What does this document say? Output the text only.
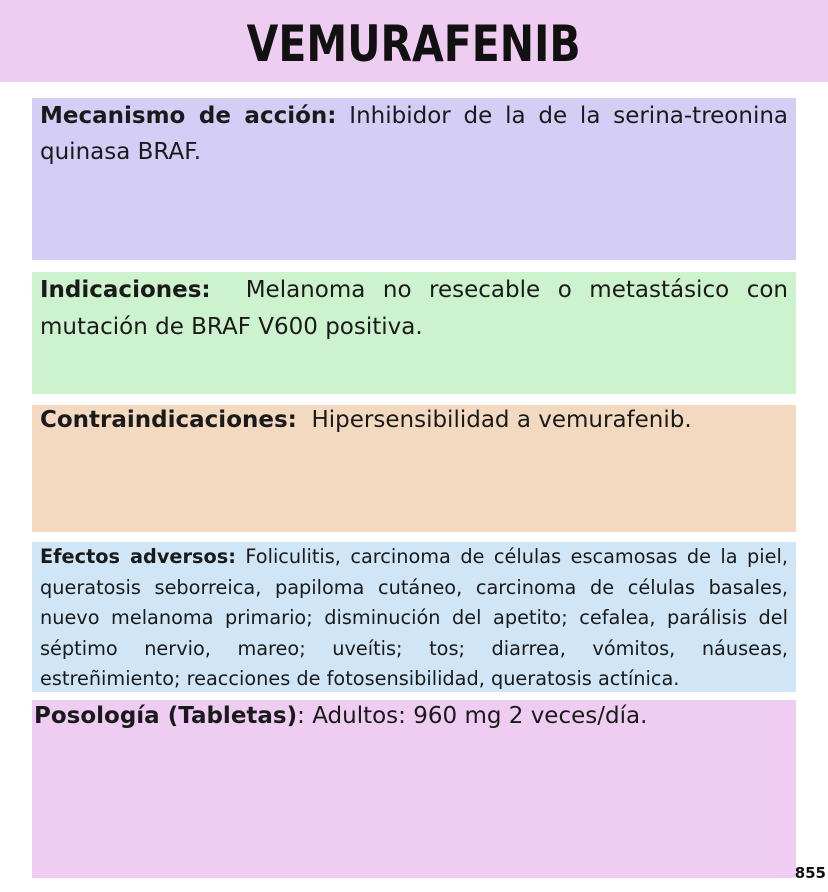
VEMURAFENIB

Mecanismo de acción: Inhibidor de la de la serina-treonina quinasa BRAF.

Indicaciones: Melanoma no resecable o metastásico con mutación de BRAF V600 positiva.

Contraindicaciones: Hipersensibilidad a vemurafenib.

Efectos adversos: Foliculitis, carcinoma de células escamosas de la piel, queratosis seborreica, papiloma cutáneo, carcinoma de células basales, nuevo melanoma primario; disminución del apetito; cefalea, parálisis del séptimo nervio, mareo; uveítis; tos; diarrea, vómitos, náuseas, estreñimiento; reacciones de fotosensibilidad, queratosis actínica.

Posología (Tabletas): Adultos: 960 mg 2 veces/día.

855
